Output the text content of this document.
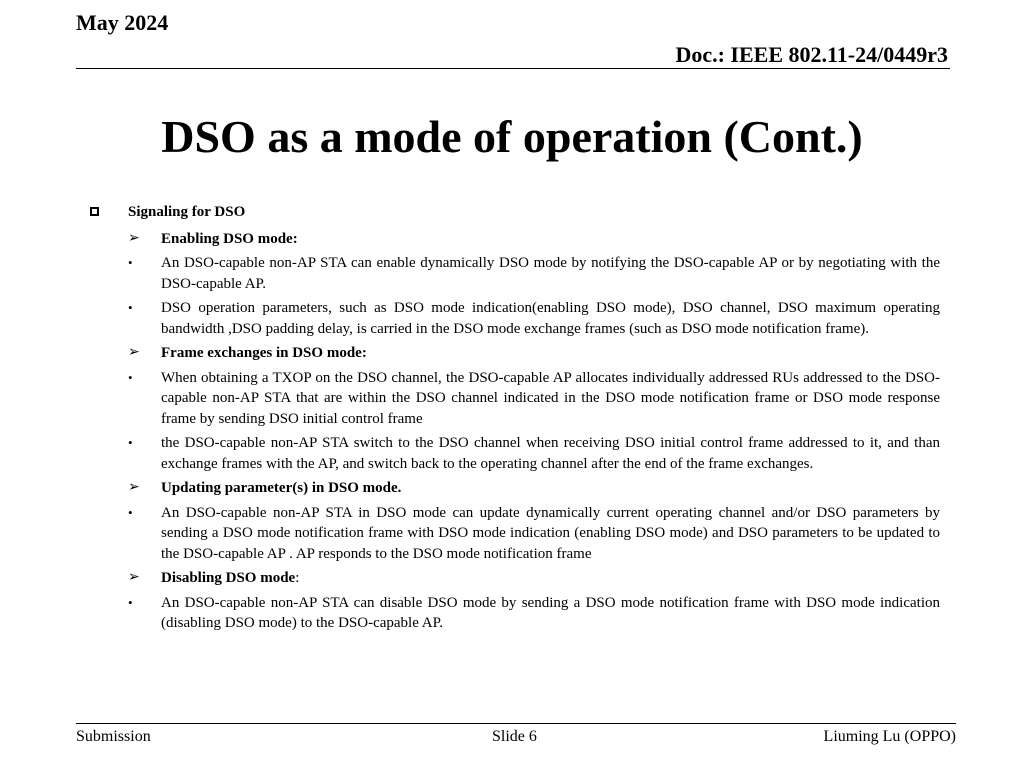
May 2024
Doc.: IEEE 802.11-24/0449r3
DSO as a mode of operation (Cont.)
Signaling for DSO
➢ Enabling DSO mode:
• An DSO-capable non-AP STA can enable dynamically DSO mode by notifying the DSO-capable AP or by negotiating with the DSO-capable AP.
• DSO operation parameters, such as DSO mode indication(enabling DSO mode), DSO channel, DSO maximum operating bandwidth ,DSO padding delay, is carried in the DSO mode exchange frames (such as DSO mode notification frame).
➢ Frame exchanges in DSO mode:
• When obtaining a TXOP on the DSO channel, the DSO-capable AP allocates individually addressed RUs addressed to the DSO-capable non-AP STA that are within the DSO channel indicated in the DSO mode notification frame or DSO mode response frame by sending DSO initial control frame
• the DSO-capable non-AP STA switch to the DSO channel when receiving DSO initial control frame addressed to it, and than exchange frames with the AP, and switch back to the operating channel after the end of the frame exchanges.
➢ Updating parameter(s) in DSO mode.
• An DSO-capable non-AP STA in DSO mode can update dynamically current operating channel and/or DSO parameters by sending a DSO mode notification frame with DSO mode indication (enabling DSO mode) and DSO parameters to be updated to the DSO-capable AP . AP responds to the DSO mode notification frame
➢ Disabling DSO mode:
• An DSO-capable non-AP STA can disable DSO mode by sending a DSO mode notification frame with DSO mode indication (disabling DSO mode) to the DSO-capable AP.
Submission	Slide 6	Liuming Lu (OPPO)
